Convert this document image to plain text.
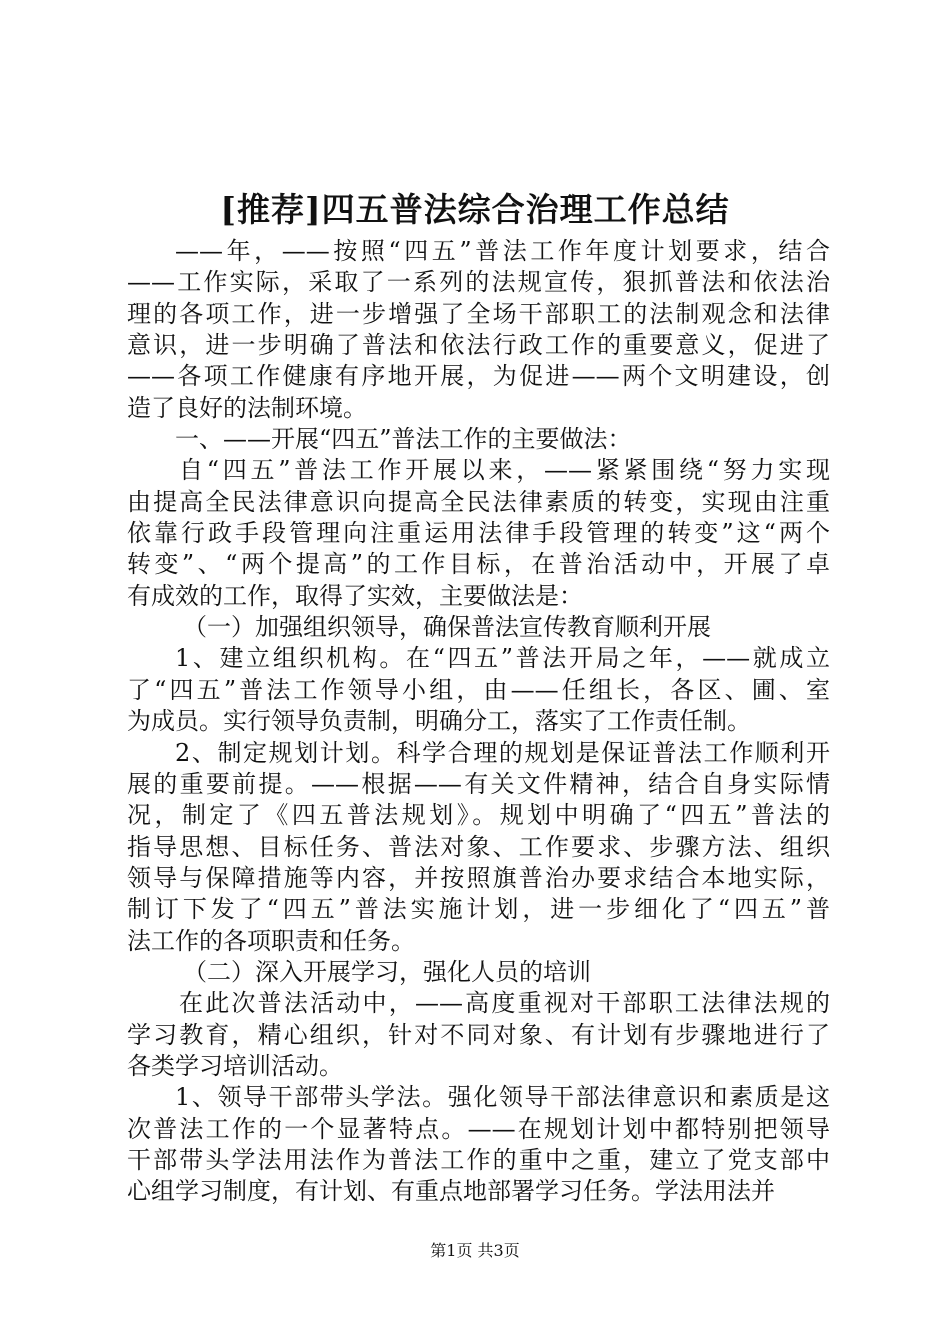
[推荐]四五普法综合治理工作总结
——年，——按照“四五”普法工作年度计划要求，结合
——工作实际，采取了一系列的法规宣传，狠抓普法和依法治
理的各项工作，进一步增强了全场干部职工的法制观念和法律
意识，进一步明确了普法和依法行政工作的重要意义，促进了
——各项工作健康有序地开展，为促进——两个文明建设，创
造了良好的法制环境。
一、——开展“四五”普法工作的主要做法：
自“四五”普法工作开展以来，——紧紧围绕“努力实现
由提高全民法律意识向提高全民法律素质的转变，实现由注重
依靠行政手段管理向注重运用法律手段管理的转变”这“两个
转变”、“两个提高”的工作目标，在普治活动中，开展了卓
有成效的工作，取得了实效，主要做法是：
（一）加强组织领导，确保普法宣传教育顺利开展
1、建立组织机构。在“四五”普法开局之年，——就成立
了“四五”普法工作领导小组，由——任组长，各区、圃、室
为成员。实行领导负责制，明确分工，落实了工作责任制。
2、制定规划计划。科学合理的规划是保证普法工作顺利开
展的重要前提。——根据——有关文件精神，结合自身实际情
况，制定了《四五普法规划》。规划中明确了“四五”普法的
指导思想、目标任务、普法对象、工作要求、步骤方法、组织
领导与保障措施等内容，并按照旗普治办要求结合本地实际，
制订下发了“四五”普法实施计划，进一步细化了“四五”普
法工作的各项职责和任务。
（二）深入开展学习，强化人员的培训
在此次普法活动中，——高度重视对干部职工法律法规的
学习教育，精心组织，针对不同对象、有计划有步骤地进行了
各类学习培训活动。
1、领导干部带头学法。强化领导干部法律意识和素质是这
次普法工作的一个显著特点。——在规划计划中都特别把领导
干部带头学法用法作为普法工作的重中之重，建立了党支部中
心组学习制度，有计划、有重点地部署学习任务。学法用法并
第1页 共3页
